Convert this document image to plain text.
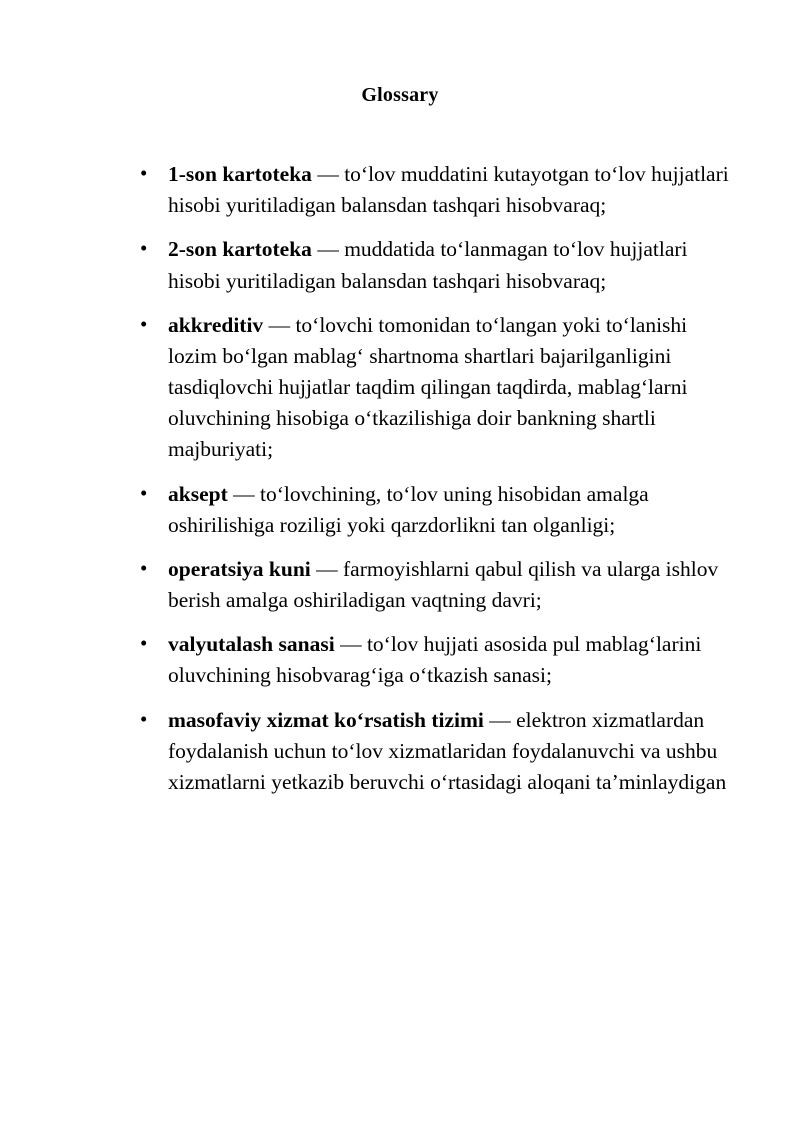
Glossary
• 1-son kartoteka — to‘lov muddatini kutayotgan to‘lov hujjatlari hisobi yuritiladigan balansdan tashqari hisobvaraq;
• 2-son kartoteka — muddatida to‘lanmagan to‘lov hujjatlari hisobi yuritiladigan balansdan tashqari hisobvaraq;
• akkreditiv — to‘lovchi tomonidan to‘langan yoki to‘lanishi lozim bo‘lgan mablag‘ shartnoma shartlari bajarilganligini tasdiqlovchi hujjatlar taqdim qilingan taqdirda, mablag‘larni oluvchining hisobiga o‘tkazilishiga doir bankning shartli majburiyati;
• aksept — to‘lovchining, to‘lov uning hisobidan amalga oshirilishiga roziligi yoki qarzdorlikni tan olganligi;
• operatsiya kuni — farmoyishlarni qabul qilish va ularga ishlov berish amalga oshiriladigan vaqtning davri;
• valyutalash sanasi — to‘lov hujjati asosida pul mablag‘larini oluvchining hisobvarag‘iga o‘tkazish sanasi;
• masofaviy xizmat ko‘rsatish tizimi — elektron xizmatlardan foydalanish uchun to‘lov xizmatlaridan foydalanuvchi va ushbu xizmatlarni yetkazib beruvchi o‘rtasidagi aloqani ta’minlaydigan
